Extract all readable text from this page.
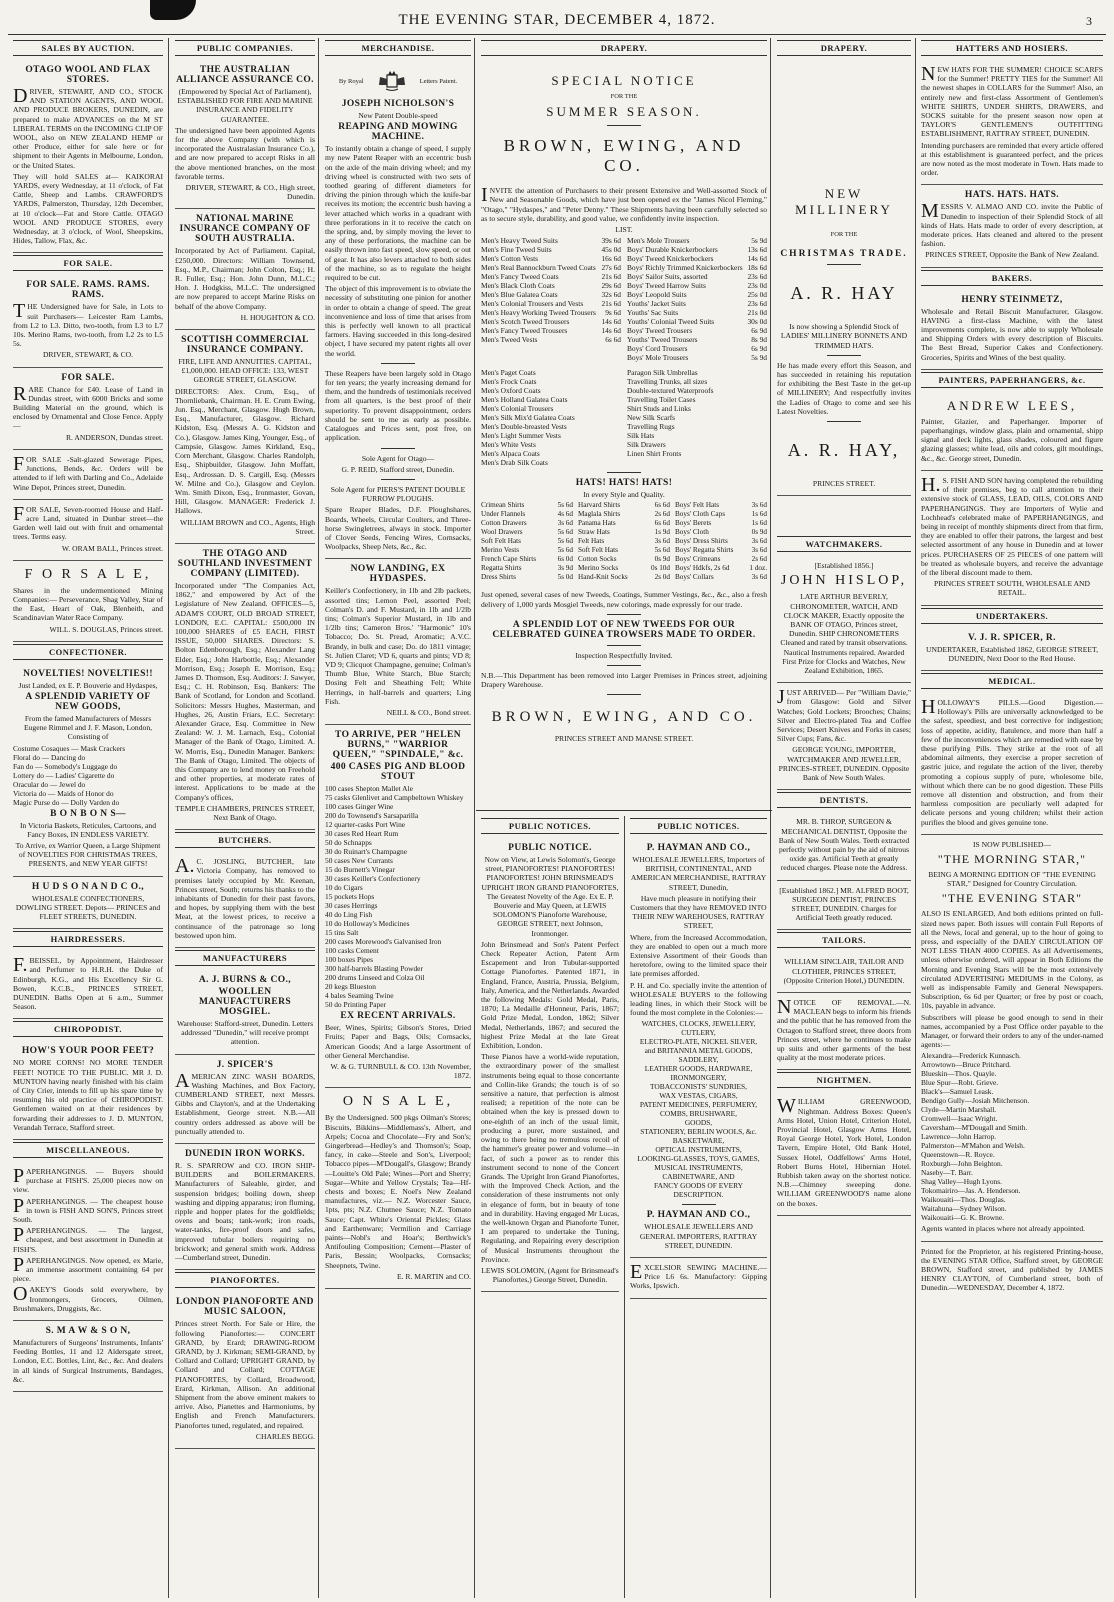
THE EVENING STAR, DECEMBER 4, 1872.	3
SALES BY AUCTION.
OTAGO WOOL AND FLAX STORES.

DRIVER, STEWART, AND CO., STOCK AND STATION AGENTS, AND WOOL AND PRODUCE BROKERS, DUNEDIN, are prepared to make ADVANCES on the M ST LIBERAL TERMS on the INCOMING CLIP OF WOOL, also on NEW ZEALAND HEMP or other Produce, either for sale here or for shipment to their Agents in Melbourne, London, or the United States.

They will hold SALES at— KAIKORAI YARDS, every Wednesday, at 11 o'clock, of Fat Cattle, Sheep and Lambs. CRAWFORD'S YARDS, Palmerston, Thursday, 12th December, at 10 o'clock—Fat and Store Cattle. OTAGO WOOL AND PRODUCE STORES, every Wednesday, at 3 o'clock, of Wool, Sheepskins, Hides, Tallow, Flax, &c.

FOR SALE.
FOR SALE. RAMS. RAMS. RAMS.

THE Undersigned have for Sale, in Lots to suit Purchasers— Leicester Ram Lambs, from L2 to L3. Ditto, two-tooth, from L3 to L7 10s. Merino Rams, two-tooth, from L2 2s to L5 5s.

DRIVER, STEWART, & CO.

FOR SALE.

RARE Chance for £40. Lease of Land in Dundas street, with 6000 Bricks and some Building Material on the ground, which is enclosed by Ornamental and Close Fence. Apply—

R. ANDERSON, Dundas street.

FOR SALE -Salt-glazed Sewerage Pipes, Junctions, Bends, &c. Orders will be attended to if left with Darling and Co., Adelaide Wine Depot, Princes street, Dunedin.

FOR SALE, Seven-roomed House and Half-acre Land, situated in Dunbar street—the Garden well laid out with fruit and ornamental trees. Terms easy.

W. ORAM BALL, Princes street.

F O R S A L E,

Shares in the undermentioned Mining Companies:— Perseverance, Shag Valley, Star of the East, Heart of Oak, Blenheith, and Scandinavian Water Race Company.

WILL. S. DOUGLAS, Princes street.

CONFECTIONER.
NOVELTIES! NOVELTIES!!

Just Landed, ex E. P. Bouverie and Hydaspes,

A SPLENDID VARIETY OF NEW GOODS,

From the famed Manufacturers of Messrs Eugene Rimmel and J. F. Mason, London, Consisting of

Costume Cosaques — Mask Crackers
Floral do — Dancing do
Fan do — Somebody's Luggage do
Lottery do — Ladies' Cigarette do
Oracular do — Jewel do
Victoria do — Maids of Honor do
Magic Purse do — Dolly Varden do
B O N B O N S—

In Victoria Baskets, Reticules, Cartoons, and Fancy Boxes, IN ENDLESS VARIETY.

To Arrive, ex Warrior Queen, a Large Shipment of NOVELTIES FOR CHRISTMAS TREES, PRESENTS, and NEW YEAR GIFTS!

H U D S O N A N D C O.,

WHOLESALE CONFECTIONERS, DOWLING STREET. Depots— PRINCES and FLEET STREETS, DUNEDIN.

HAIRDRESSERS.

F.BEISSEL, by Appointment, Hairdresser and Perfumer to H.R.H. the Duke of Edinburgh, K.G., and His Excellency Sir G. Bowen, K.C.B., PRINCES STREET, DUNEDIN. Baths Open at 6 a.m., Summer Season.

CHIROPODIST.
HOW'S YOUR POOR FEET?

NO MORE CORNS! NO MORE TENDER FEET! NOTICE TO THE PUBLIC. MR J. D. MUNTON having nearly finished with his claim of City Crier, intends to fill up his spare time by resuming his old practice of CHIROPODIST. Gentlemen waited on at their residences by forwarding their addresses to J. D. MUNTON, Verandah Terrace, Stafford street.

MISCELLANEOUS.

PAPERHANGINGS. — Buyers should purchase at FISH'S. 25,000 pieces now on view.

PAPERHANGINGS. — The cheapest house in town is FISH AND SON'S, Princes street South.

PAPERHANGINGS. — The largest, cheapest, and best assortment in Dunedin at FISH'S.

PAPERHANGINGS. Now opened, ex Marie, an immense assortment containing 64 per piece.

OAKEY'S Goods sold everywhere, by Ironmongers, Grocers, Oilmen, Brushmakers, Druggists, &c.

S. M A W & S O N,

Manufacturers of Surgeons' Instruments, Infants' Feeding Bottles, 11 and 12 Aldersgate street, London, E.C. Bottles, Lint, &c., &c. And dealers in all kinds of Surgical Instruments, Bandages, &c.

PUBLIC COMPANIES.
THE AUSTRALIAN ALLIANCE ASSURANCE CO.

(Empowered by Special Act of Parliament), ESTABLISHED FOR FIRE AND MARINE INSURANCE AND FIDELITY GUARANTEE.

The undersigned have been appointed Agents for the above Company (with which is incorporated the Australasian Insurance Co.), and are now prepared to accept Risks in all the above mentioned branches, on the most favorable terms.

DRIVER, STEWART, & CO., High street, Dunedin.

NATIONAL MARINE INSURANCE COMPANY OF SOUTH AUSTRALIA.

Incorporated by Act of Parliament. Capital, £250,000. Directors: William Townsend, Esq., M.P., Chairman; John Colton, Esq.; H. R. Fuller, Esq.; Hon. John Dunn, M.L.C.; Hon. J. Hodgkiss, M.L.C. The undersigned are now prepared to accept Marine Risks on behalf of the above Company.

H. HOUGHTON & CO.

SCOTTISH COMMERCIAL INSURANCE COMPANY.

FIRE, LIFE AND ANNUITIES. CAPITAL, £1,000,000. HEAD OFFICE: 133, WEST GEORGE STREET, GLASGOW.

DIRECTORS: Alex. Crum, Esq., of Thornliebank, Chairman. H. E. Crum Ewing, Jun. Esq., Merchant, Glasgow. Hugh Brown, Esq., Manufacturer, Glasgow. Richard Kidston, Esq. (Messrs A. G. Kidston and Co.), Glasgow. James King, Younger, Esq., of Campsie, Glasgow. James Kirkland, Esq., Corn Merchant, Glasgow. Charles Randolph, Esq., Shipbuilder, Glasgow. John Moffatt, Esq., Ardrossan. D. S. Cargill, Esq. (Messrs W. Milne and Co.), Glasgow and Ceylon. Wm. Smith Dixon, Esq., Ironmaster, Govan, Hill, Glasgow. MANAGER: Frederick J. Hallows.

WILLIAM BROWN and CO., Agents, High Street.

THE OTAGO AND SOUTHLAND INVESTMENT COMPANY (LIMITED).

Incorporated under "The Companies Act, 1862," and empowered by Act of the Legislature of New Zealand. OFFICES—5, ADAM'S COURT, OLD BROAD STREET, LONDON, E.C. CAPITAL: £500,000 IN 100,000 SHARES of £5 EACH, FIRST ISSUE, 50,000 SHARES. Directors: S. Bolton Edenborough, Esq.; Alexander Lang Elder, Esq.; John Harbottle, Esq.; Alexander Morrison, Esq.; Joseph E. Morrison, Esq.; James D. Thomson, Esq. Auditors: J. Sawyer, Esq.; C. H. Robinson, Esq. Bankers: The Bank of Scotland, for London and Scotland. Solicitors: Messrs Hughes, Masterman, and Hughes, 26, Austin Friars, E.C. Secretary: Alexander Grace, Esq. Committee in New Zealand: W. J. M. Larnach, Esq., Colonial Manager of the Bank of Otago, Limited. A. W. Morris, Esq., Dunedin Manager. Bankers: The Bank of Otago, Limited. The objects of this Company are to lend money on Freehold and other properties, at moderate rates of interest. Applications to be made at the Company's offices,

TEMPLE CHAMBERS, PRINCES STREET, Next Bank of Otago.

BUTCHERS.

A.C. JOSLING, BUTCHER, late Victoria Company, has removed to premises lately occupied by Mr. Keenan, Princes street, South; returns his thanks to the inhabitants of Dunedin for their past favors, and hopes, by supplying them with the best Meat, at the lowest prices, to receive a continuance of the patronage so long bestowed upon him.

MANUFACTURERS
A. J. BURNS & CO.,
WOOLLEN MANUFACTURERS MOSGIEL.

Warehouse: Stafford-street, Dunedin. Letters addressed "Dunedin," will receive prompt attention.

J. SPICER'S

AMERICAN ZINC WASH BOARDS, Washing Machines, and Box Factory, CUMBERLAND STREET, next Messrs. Gibbs and Clayton's, and at the Undertaking Establishment, George street. N.B.—All country orders addressed as above will be punctually attended to.

DUNEDIN IRON WORKS.

R. S. SPARROW and CO. IRON SHIP-BUILDERS and BOILERMAKERS. Manufacturers of Saleable, girder, and suspension bridges; boiling down, sheep washing and dipping apparatus; iron fluming, ripple and hopper plates for the goldfields; ovens and boats; tank-work; iron roads, water-tanks, fire-proof doors and safes, improved tubular boilers requiring no brickwork; and general smith work. Address—Cumberland street, Dunedin.

PIANOFORTES.
LONDON PIANOFORTE AND MUSIC SALOON,

Princes street North. For Sale or Hire, the following Pianofortes:— CONCERT GRAND, by Erard; DRAWING-ROOM GRAND, by J. Kirkman; SEMI-GRAND, by Collard and Collard; UPRIGHT GRAND, by Collard and Collard; COTTAGE PIANOFORTES, by Collard, Broadwood, Erard, Kirkman, Allison. An additional Shipment from the above eminent makers to arrive. Also, Pianettes and Harmoniums, by English and French Manufacturers. Pianofortes tuned, regulated, and repaired.

CHARLES BEGG.

MERCHANDISE.
By Royal	Letters Patent.
JOSEPH NICHOLSON'S

New Patent Double-speed

REAPING AND MOWING MACHINE.

To instantly obtain a change of speed, I supply my new Patent Reaper with an eccentric bush on the axle of the main driving wheel; and my driving wheel is constructed with two sets of toothed gearing of different diameters for driving the pinion through which the knife-bar receives its motion; the eccentric bush having a lever attached which works in a quadrant with three perforations in it to receive the catch on the spring, and, by simply moving the lever to any of these perforations, the machine can be easily thrown into fast speed, slow speed, or out of gear. It has also levers attached to both sides of the machine, so as to regulate the height required to be cut.

The object of this improvement is to obviate the necessity of substituting one pinion for another in order to obtain a change of speed. The great inconvenience and loss of time that arises from this is perfectly well known to all practical farmers. Having succeeded in this long-desired object, I have secured my patent rights all over the world.

These Reapers have been largely sold in Otago for ten years; the yearly increasing demand for them, and the hundreds of testimonials received from all quarters, is the best proof of their superiority. To prevent disappointment, orders should be sent to me as early as possible. Catalogues and Prices sent, post free, on application.

Sole Agent for Otago—

G. P. REID, Stafford street, Dunedin.

Sole Agent for PIERS'S PATENT DOUBLE FURROW PLOUGHS.

Spare Reaper Blades, D.F. Ploughshares, Boards, Wheels, Circular Coulters, and Three-horse Swingletrees, always in stock. Importer of Clover Seeds, Fencing Wires, Cornsacks, Woolpacks, Sheep Nets, &c., &c.

NOW LANDING, EX HYDASPES.

Keiller's Confectionery, in 1lb and 2lb packets, assorted tins; Lemon Peel, assorted Peel; Colman's D. and F. Mustard, in 1lb and 1/2lb tins; Colman's Superior Mustard, in 1lb and 1/2lb tins; Cameron Bros.' "Harmonic" 10's Tobacco; Do. St. Pread, Aromatic; A.V.C. Brandy, in bulk and case; Do. do 1811 vintage; St. Julien Claret; VD 6, quarts and pints; VD 8; VD 9; Clicquot Champagne, genuine; Colman's Thumb Blue, White Starch, Blue Starch; Dosing Felt and Sheathing Felt; White Herrings, in half-barrels and quarters; Ling Fish.

NEILL & CO., Bond street.

TO ARRIVE, PER "HELEN BURNS," "WARRIOR QUEEN," "SPINDALE," &c.
400 CASES PIG AND BLOOD STOUT
100 cases Shepton Mallet Ale
75 casks Glenlivet and Campbeltown Whiskey
100 cases Ginger Wine
200 do Townsend's Sarsaparilla
12 quarter-casks Port Wine
30 cases Red Heart Rum
50 do Schnapps
30 do Ruinart's Champagne
50 cases New Currants
15 do Burnett's Vinegar
30 cases Keiller's Confectionery
10 do Cigars
15 pockets Hops
30 cases Herrings
40 do Ling Fish
10 do Holloway's Medicines
15 tins Salt
200 cases Morewood's Galvanised Iron
100 casks Cement
100 boxes Pipes
300 half-barrels Blasting Powder
200 drums Linseed and Colza Oil
20 kegs Blueston
4 bales Seaming Twine
50 do Printing Paper
EX RECENT ARRIVALS.

Beer, Wines, Spirits; Gibson's Stores, Dried Fruits; Paper and Bags, Oils; Cornsacks, American Goods; And a large Assortment of other General Merchandise.

W. & G. TURNBULL & CO. 13th November, 1872.

O N S A L E,

By the Undersigned. 500 pkgs Oilman's Stores; Biscuits, Bikkins—Middlemass's, Albert, and Arpels; Cocoa and Chocolate—Fry and Son's; Gingerbread—Hedley's and Thomson's; Soap, fancy, in cake—Steele and Son's, Liverpool; Tobacco pipes—M'Dougall's, Glasgow; Brandy—Louitte's Old Pale; Wines—Port and Sherry; Sugar—White and Yellow Crystals; Tea—Hf-chests and boxes; E. Noel's New Zealand manufactures, viz.— N.Z. Worcester Sauce, 1pts, pts; N.Z. Chutnee Sauce; N.Z. Tomato Sauce; Capt. White's Oriental Pickles; Glass and Earthenware; Vermilion and Carriage paints—Nobl's and Hoar's; Berthwick's Antifouling Composition; Cement—Plaster of Paris, Bessin; Woolpacks, Cornsacks; Sheepnets, Twine.

E. R. MARTIN and CO.

DRAPERY.
SPECIAL NOTICE

FOR THE

SUMMER SEASON.
BROWN, EWING, AND CO.

INVITE the attention of Purchasers to their present Extensive and Well-assorted Stock of New and Seasonable Goods, which have just been opened ex the "James Nicol Fleming," "Otago," "Hydaspes," and "Peter Denny." These Shipments having been carefully selected so as to secure style, durability, and good value, we confidently invite inspection.

LIST.

Men's Heavy Tweed Suits	39s 6d
Men's Fine Tweed Suits	45s 0d
Men's Cotton Vests	16s 6d
Men's Real Bannockburn Tweed Coats 27s 6d
Men's Fancy Tweed Coats	21s 6d
Men's Black Cloth Coats	29s 6d
Men's Blue Galatea Coats	32s 6d
Men's Colonial Trousers and Vests 21s 6d
Men's Heavy Working Tweed Trousers 9s 6d
Men's Scotch Tweed Trousers	14s 6d
Men's Fancy Tweed Trousers	14s 6d
Men's Tweed Vests	6s 6d
Men's Mole Trousers	5s 9d
Boys' Durable Knickerbockers	13s 6d
Boys' Tweed Knickerbockers	14s 6d
Boys' Richly Trimmed Knickerbockers 18s 6d
Boys' Sailor Suits, assorted	23s 6d
Boys' Tweed Harrow Suits	23s 0d
Boys' Leopold Suits	25s 0d
Youths' Jacket Suits	23s 6d
Youths' Sac Suits	21s 0d
Youths' Colonial Tweed Suits	30s 0d
Boys' Tweed Trousers	6s 9d
Youths' Tweed Trousers	8s 9d
Boys' Cord Trousers	6s 9d
Boys' Mole Trousers	5s 9d
Men's Paget Coats
Men's Frock Coats
Men's Oxford Coats
Men's Holland Galatea Coats
Men's Colonial Trousers
Men's Silk Mix'd Galatea Coats
Men's Double-breasted Vests
Men's Light Summer Vests
Men's White Vests
Men's Alpaca Coats
Men's Drab Silk Coats
Paragon Silk Umbrellas
Travelling Trunks, all sizes
Double-textured Waterproofs
Travelling Toilet Cases
Shirt Studs and Links
New Silk Scarfs
Travelling Rugs
Silk Hats
Silk Drawers
Linen Shirt Fronts
HATS! HATS! HATS!

In every Style and Quality.

Crimean Shirts	5s 6d
Under Flannels	4s 6d
Cotton Drawers	3s 6d
Wool Drawers	5s 6d
Soft Felt Hats	5s 6d
Merino Vests	5s 6d
French Cape Shirts	6s 0d
Regatta Shirts	3s 9d
Dress Shirts	5s 0d
Harvard Shirts	6s 6d
Maglala Shirts	2s 6d
Panama Hats	6s 6d
Straw Hats	1s 9d
Felt Hats	3s 6d
Soft Felt Hats	5s 6d
Cotton Socks	0s 9d
Merino Socks	0s 10d
Hand-Knit Socks	2s 0d
Boys' Felt Hats	3s 6d
Boys' Cloth Caps	1s 6d
Boys' Berets	1s 6d
Boys' Cloth	0s 9d
Boys' Dress Shirts	3s 6d
Boys' Regatta Shirts	3s 6d
Boys' Crimeans	2s 6d
Boys' Hdkfs, 2s 6d	1 doz.
Boys' Collars	3s 6d

Just opened, several cases of new Tweeds, Coatings, Summer Vestings, &c., &c., also a fresh delivery of 1,000 yards Mosgiel Tweeds, new colorings, made expressly for our trade.

A SPLENDID LOT OF NEW TWEEDS FOR OUR CELEBRATED GUINEA TROWSERS MADE TO ORDER.

Inspection Respectfully Invited.

N.B.—This Department has been removed into Larger Premises in Princes street, adjoining Drapery Warehouse.

BROWN, EWING, AND CO.

PRINCES STREET AND MANSE STREET.

PUBLIC NOTICES.
PUBLIC NOTICE.

Now on View, at Lewis Solomon's, George street, PIANOFORTES! PIANOFORTES! PIANOFORTES! JOHN BRINSMEAD'S UPRIGHT IRON GRAND PIANOFORTES, The Greatest Novelty of the Age. Ex E. P. Bouverie and May Queen, at LEWIS SOLOMON'S Pianoforte Warehouse, GEORGE STREET, next Johnson, Ironmonger.

John Brinsmead and Son's Patent Perfect Check Repeater Action, Patent Arm Escapement and Iron Tubular-supported Cottage Pianofortes. Patented 1871, in England, France, Austria, Prussia, Belgium, Italy, America, and the Netherlands. Awarded the following Medals: Gold Medal, Paris, 1870; La Medaille d'Honneur, Paris, 1867; Gold Prize Medal, London, 1862; Silver Medal, Netherlands, 1867; and secured the highest Prize Medal at the late Great Exhibition, London.

These Pianos have a world-wide reputation, the extraordinary power of the smallest instruments being equal to those concertante and Collin-like Grands; the touch is of so sensitive a nature, that perfection is almost realised; a repetition of the note can be obtained when the key is pressed down to one-eighth of an inch of the usual limit, producing a purer, more sustained, and owing to there being no tremulous recoil of the hammer's greater power and volume—in fact, of such a power as to render this instrument second to none of the Concert Grands. The Upright Iron Grand Pianofortes, with the Improved Check Action, and the consideration of these instruments not only in elegance of form, but in beauty of tone and in durability. Having engaged Mr Lucas, the well-known Organ and Pianoforte Tuner, I am prepared to undertake the Tuning, Regulating, and Repairing every description of Musical Instruments throughout the Province.

LEWIS SOLOMON, (Agent for Brinsmead's Pianofortes,) George Street, Dunedin.

PUBLIC NOTICES.
P. HAYMAN AND CO.,

WHOLESALE JEWELLERS, Importers of BRITISH, CONTINENTAL, AND AMERICAN MERCHANDISE, RATTRAY STREET, Dunedin,

Have much pleasure in notifying their Customers that they have REMOVED INTO THEIR NEW WAREHOUSES, RATTRAY STREET,

Where, from the Increased Accommodation, they are enabled to open out a much more Extensive Assortment of their Goods than heretofore, owing to the limited space their late premises afforded.

P. H. and Co. specially invite the attention of WHOLESALE BUYERS to the following leading lines, in which their Stock will be found the most complete in the Colonies:—

WATCHES, CLOCKS, JEWELLERY,
CUTLERY,
ELECTRO-PLATE, NICKEL SILVER,
and BRITANNIA METAL GOODS,
SADDLERY,
LEATHER GOODS, HARDWARE,
IRONMONGERY,
TOBACCONISTS' SUNDRIES,
WAX VESTAS, CIGARS,
PATENT MEDICINES, PERFUMERY,
COMBS, BRUSHWARE,
GOODS,
STATIONERY, BERLIN WOOLS, &c.
BASKETWARE,
OPTICAL INSTRUMENTS,
LOOKING-GLASSES, TOYS, GAMES,
MUSICAL INSTRUMENTS,
CABINETWARE, AND
FANCY GOODS OF EVERY DESCRIPTION.
P. HAYMAN AND CO.,

WHOLESALE JEWELLERS AND GENERAL IMPORTERS, RATTRAY STREET, DUNEDIN.

EXCELSIOR SEWING MACHINE.— Price L6 6s. Manufactory: Gipping Works, Ipswich.

DRAPERY.
NEW MILLINERY

FOR THE

CHRISTMAS TRADE.
A. R. HAY

Is now showing a Splendid Stock of LADIES' MILLINERY BONNETS AND TRIMMED HATS.

He has made every effort this Season, and has succeeded in retaining his reputation for exhibiting the Best Taste in the get-up of MILLINERY; And respectfully invites the Ladies of Otago to come and see his Latest Novelties.

A. R. HAY,

PRINCES STREET.

WATCHMAKERS.

[Established 1856.]

JOHN HISLOP,

LATE ARTHUR BEVERLY, CHRONOMETER, WATCH, AND CLOCK MAKER, Exactly opposite the BANK OF OTAGO, Princes street, Dunedin. SHIP CHRONOMETERS Cleaned and rated by transit observations. Nautical Instruments repaired. Awarded First Prize for Clocks and Watches, New Zealand Exhibition, 1865.

JUST ARRIVED— Per "William Davie," from Glasgow: Gold and Silver Watches; Gold Lockets; Brooches; Chains; Silver and Electro-plated Tea and Coffee Services; Desert Knives and Forks in cases; Silver Cups; Fans, &c.

GEORGE YOUNG, IMPORTER, WATCHMAKER AND JEWELLER, PRINCES-STREET, DUNEDIN. Opposite Bank of New South Wales.

DENTISTS.

MR. B. THROP, SURGEON & MECHANICAL DENTIST, Opposite the Bank of New South Wales. Teeth extracted perfectly without pain by the aid of nitrous oxide gas. Artificial Teeth at greatly reduced charges. Please note the Address.

[Established 1862.] MR. ALFRED BOOT, SURGEON DENTIST, PRINCES STREET, DUNEDIN. Charges for Artificial Teeth greatly reduced.

TAILORS.

WILLIAM SINCLAIR, TAILOR AND CLOTHIER, PRINCES STREET, (Opposite Criterion Hotel,) DUNEDIN.

NOTICE OF REMOVAL.—N. MACLEAN begs to inform his friends and the public that he has removed from the Octagon to Stafford street, three doors from Princes street, where he continues to make up suits and other garments of the best quality at the most moderate prices.

NIGHTMEN.

WILLIAM GREENWOOD, Nightman. Address Boxes: Queen's Arms Hotel, Union Hotel, Criterion Hotel, Provincial Hotel, Glasgow Arms Hotel, Royal George Hotel, York Hotel, London Tavern, Empire Hotel, Old Bank Hotel, Sussex Hotel, Oddfellows' Arms Hotel, Robert Burns Hotel, Hibernian Hotel. Rubbish taken away on the shortest notice. N.B.—Chimney sweeping done. WILLIAM GREENWOOD'S name alone on the boxes.

HATTERS AND HOSIERS.

NEW HATS FOR THE SUMMER! CHOICE SCARFS for the Summer! PRETTY TIES for the Summer! All the newest shapes in COLLARS for the Summer! Also, an entirely new and first-class Assortment of Gentlemen's WHITE SHIRTS, UNDER SHIRTS, DRAWERS, and SOCKS suitable for the present season now open at TAYLOR'S GENTLEMEN'S OUTFITTING ESTABLISHMENT, RATTRAY STREET, DUNEDIN.

Intending purchasers are reminded that every article offered at this establishment is guaranteed perfect, and the prices are now noted as the most moderate in Town. Hats made to order.

HATS. HATS. HATS.

MESSRS V. ALMAO AND CO. invite the Public of Dunedin to inspection of their Splendid Stock of all kinds of Hats. Hats made to order of every description, at moderate prices. Hats cleaned and altered to the present fashion.

PRINCES STREET, Opposite the Bank of New Zealand.

BAKERS.
HENRY STEINMETZ,

Wholesale and Retail Biscuit Manufacturer, Glasgow. HAVING a first-class Machine, with the latest improvements complete, is now able to supply Wholesale and Shipping Orders with every description of Biscuits. The Best Bread, Superior Cakes and Confectionery. Groceries, Spirits and Wines of the best quality.

PAINTERS, PAPERHANGERS, &c.
ANDREW LEES,

Painter, Glazier, and Paperhanger. Importer of paperhangings, window glass, plain and ornamental, shipp signal and deck lights, glass shades, coloured and figure glazing glasses; white lead, oils and colors, gilt mouldings, &c., &c. George street, Dunedin.

H.S. FISH AND SON having completed the rebuilding of their premises, beg to call attention to their extensive stock of GLASS, LEAD, OILS, COLORS AND PAPERHANGINGS. They are Importers of Wylie and Lochhead's celebrated make of PAPERHANGINGS, and being in receipt of monthly shipments direct from that firm, they are enabled to offer their patrons, the largest and best selected assortment of any house in Dunedin and at lower prices. PURCHASERS OF 25 PIECES of one pattern will be treated as wholesale buyers, and receive the advantage of the liberal discount made to them.

PRINCES STREET SOUTH, WHOLESALE AND RETAIL.

UNDERTAKERS.
V. J. R. SPICER, R.

UNDERTAKER, Established 1862, GEORGE STREET, DUNEDIN, Next Door to the Red House.

MEDICAL.

HOLLOWAY'S PILLS.—Good Digestion.—Holloway's Pills are universally acknowledged to be the safest, speediest, and best corrective for indigestion; loss of appetite, acidity, flatulence, and more than half a few of the inconveniences which are remedied with ease by these purifying Pills. They strike at the root of all abdominal ailments, they exercise a proper secretion of gastric juice, and regulate the action of the liver, thereby promoting a copious supply of pure, wholesome bile, without which there can be no good digestion. These Pills remove all distention and obstruction, and from their harmless composition are peculiarly well adapted for delicate persons and young children; whilst their action purifies the blood and gives genuine tone.

IS NOW PUBLISHED—

"THE MORNING STAR,"

BEING A MORNING EDITION OF "THE EVENING STAR," Designed for Country Circulation.

"THE EVENING STAR"

ALSO IS ENLARGED, And both editions printed on full-sized news paper. Both issues will contain Full Reports of all the News, local and general, up to the hour of going to press, and especially of the DAILY CIRCULATION OF NOT LESS THAN 4000 COPIES. As all Advertisements, unless otherwise ordered, will appear in Both Editions the Morning and Evening Stars will be the most extensively circulated ADVERTISING MEDIUMS in the Colony, as well as indispensable Family and General Newspapers. Subscription, 6s 6d per Quarter; or free by post or coach, 10s, payable in advance.

Subscribers will please be good enough to send in their names, accompanied by a Post Office order payable to the Manager, or forward their orders to any of the under-named agents:—

Alexandra—Frederick Kunnasch.
Arrowtown—Bruce Pritchard.
Blueskin—Thos. Quayle.
Blue Spur—Robt. Grieve.
Black's—Samuel Leask.
Bendigo Gully—Josiah Mitchenson.
Clyde—Martin Marshall.
Cromwell—Isaac Wright.
Caversham—M'Dougall and Smith.
Lawrence—John Harrop.
Palmerston—M'Mahon and Welsh.
Queenstown—R. Royce.
Roxburgh—John Beighton.
Naseby—T. Barr.
Shag Valley—Hugh Lyons.
Tokomairiro—Jas. A. Henderson.
Waikouaiti—Thos. Douglas.
Waitahuna—Sydney Wilson.
Waikouaiti—G. K. Browne.

Agents wanted in places where not already appointed.

Printed for the Proprietor, at his registered Printing-house, the EVENING STAR Office, Stafford street, by GEORGE BROWN, Stafford street, and published by JAMES HENRY CLAYTON, of Cumberland street, both of Dunedin.—WEDNESDAY, December 4, 1872.
